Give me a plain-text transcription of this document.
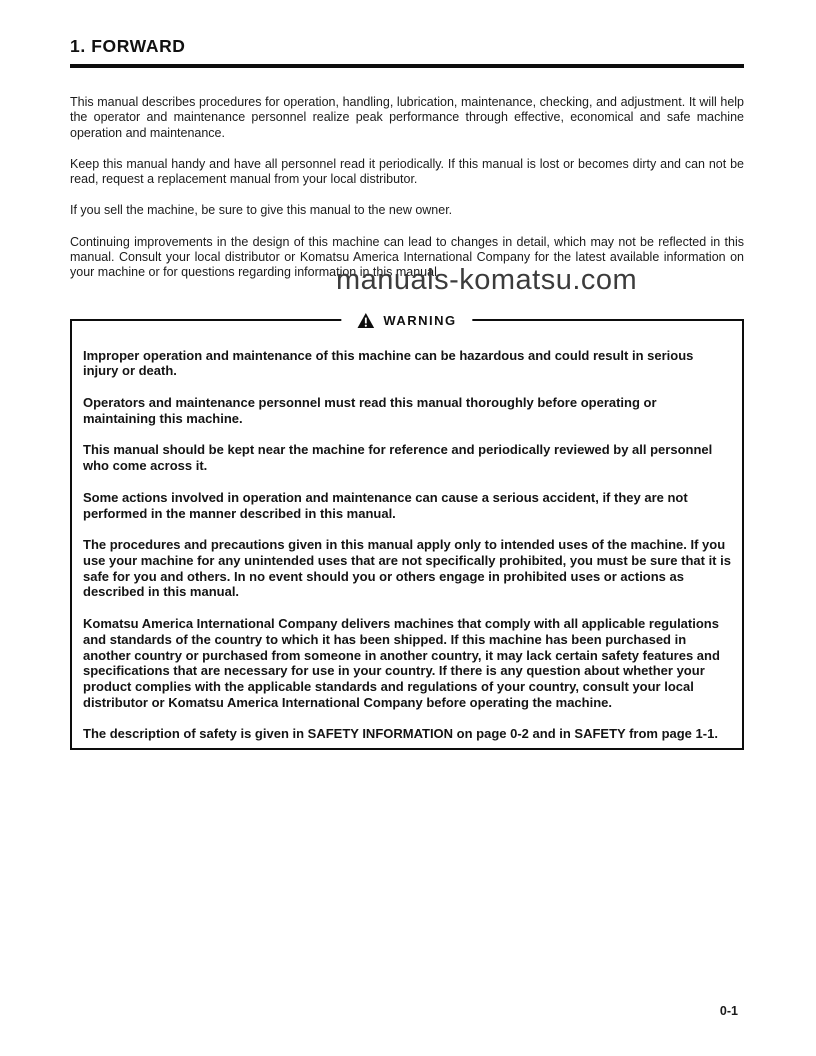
1. FORWARD

This manual describes procedures for operation, handling, lubrication, maintenance, checking, and adjustment. It will help the operator and maintenance personnel realize peak performance through effective, economical and safe machine operation and maintenance.

Keep this manual handy and have all personnel read it periodically. If this manual is lost or becomes dirty and can not be read, request a replacement manual from your local distributor.

If you sell the machine, be sure to give this manual to the new owner.

Continuing improvements in the design of this machine can lead to changes in detail, which may not be reflected in this manual. Consult your local distributor or Komatsu America International Company for the latest available information on your machine or for questions regarding information in this manual.

WARNING

Improper operation and maintenance of this machine can be hazardous and could result in serious injury or death.

Operators and maintenance personnel must read this manual thoroughly before operating or maintaining this machine.

This manual should be kept near the machine for reference and periodically reviewed by all personnel who come across it.

Some actions involved in operation and maintenance can cause a serious accident, if they are not performed in the manner described in this manual.

The procedures and precautions given in this manual apply only to intended uses of the machine. If you use your machine for any unintended uses that are not specifically prohibited, you must be sure that it is safe for you and others. In no event should you or others engage in prohibited uses or actions as described in this manual.

Komatsu America International Company delivers machines that comply with all applicable regulations and standards of the country to which it has been shipped. If this machine has been purchased in another country or purchased from someone in another country, it may lack certain safety features and specifications that are necessary for use in your country. If there is any question about whether your product complies with the applicable standards and regulations of your country, consult your local distributor or Komatsu America International Company before operating the machine.

The description of safety is given in SAFETY INFORMATION on page 0-2 and in SAFETY from page 1-1.

manuals-komatsu.com
0-1
